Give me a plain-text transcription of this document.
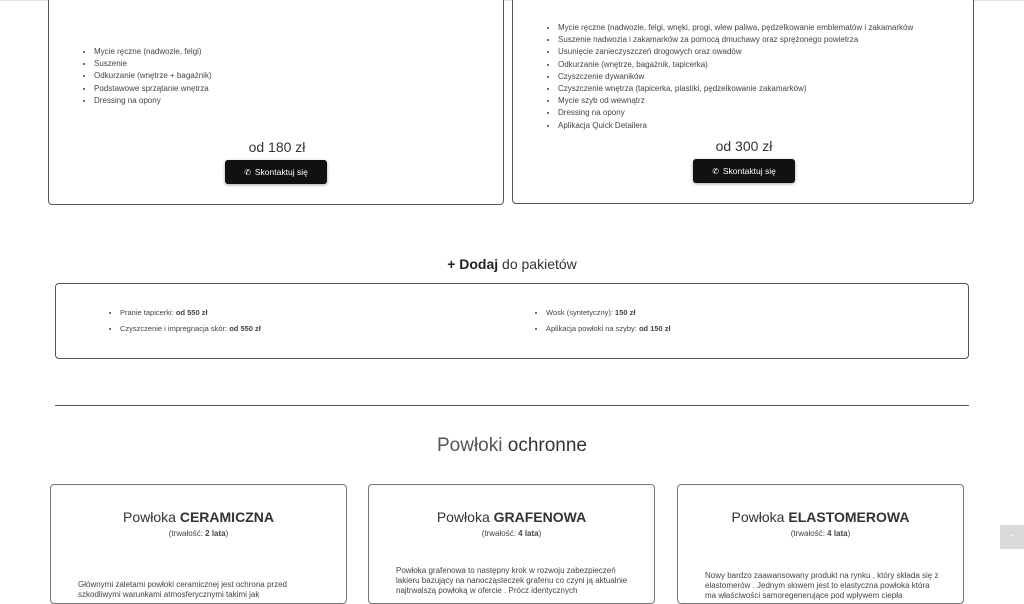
• Mycie ręczne (nadwozie, felgi)
• Suszenie
• Odkurzanie (wnętrze + bagażnik)
• Podstawowe sprzątanie wnętrza
• Dressing na opony
od 180 zł
✆ Skontaktuj się
• Mycie ręczne (nadwozie, felgi, wnęki, progi, wlew paliwa, pędzelkowanie emblematów i zakamarków
• Suszenie nadwozia i zakamarków za pomocą dmuchawy oraz sprężonego powietrza
• Usunięcie zanieczyszczeń drogowych oraz owadów
• Odkurzanie (wnętrze, bagażnik, tapicerka)
• Czyszczenie dywaników
• Czyszczenie wnętrza (tapicerka, plastiki, pędzelkowanie zakamarków)
• Mycie szyb od wewnątrz
• Dressing na opony
• Aplikacja Quick Detailera
od 300 zł
✆ Skontaktuj się
+ Dodaj do pakietów
• Pranie tapicerki: od 550 zł
• Czyszczenie i impregnacja skór: od 550 zł
• Wosk (syntetyczny): 150 zł
• Aplikacja powłoki na szyby: od 150 zł
Powłoki ochronne
Powłoka CERAMICZNA
(trwałość: 2 lata)
Głównymi zaletami powłoki ceramicznej jest ochrona przed szkodliwymi warunkami atmosferycznymi takimi jak
Powłoka GRAFENOWA
(trwałość: 4 lata)
Powłoka grafenowa to następny krok w rozwoju zabezpieczeń lakieru bazujący na nanocząsteczek grafenu co czyni ją aktualnie najtrwalszą powłoką w ofercie . Prócz identycznych
Powłoka ELASTOMEROWA
(trwałość: 4 lata)
Nowy bardzo zaawansowany produkt na rynku , który składa się z elastomerów . Jednym słowem jest to elastyczna powłoka która ma właściwości samoregenerujące pod wpływem ciepła
⌃
